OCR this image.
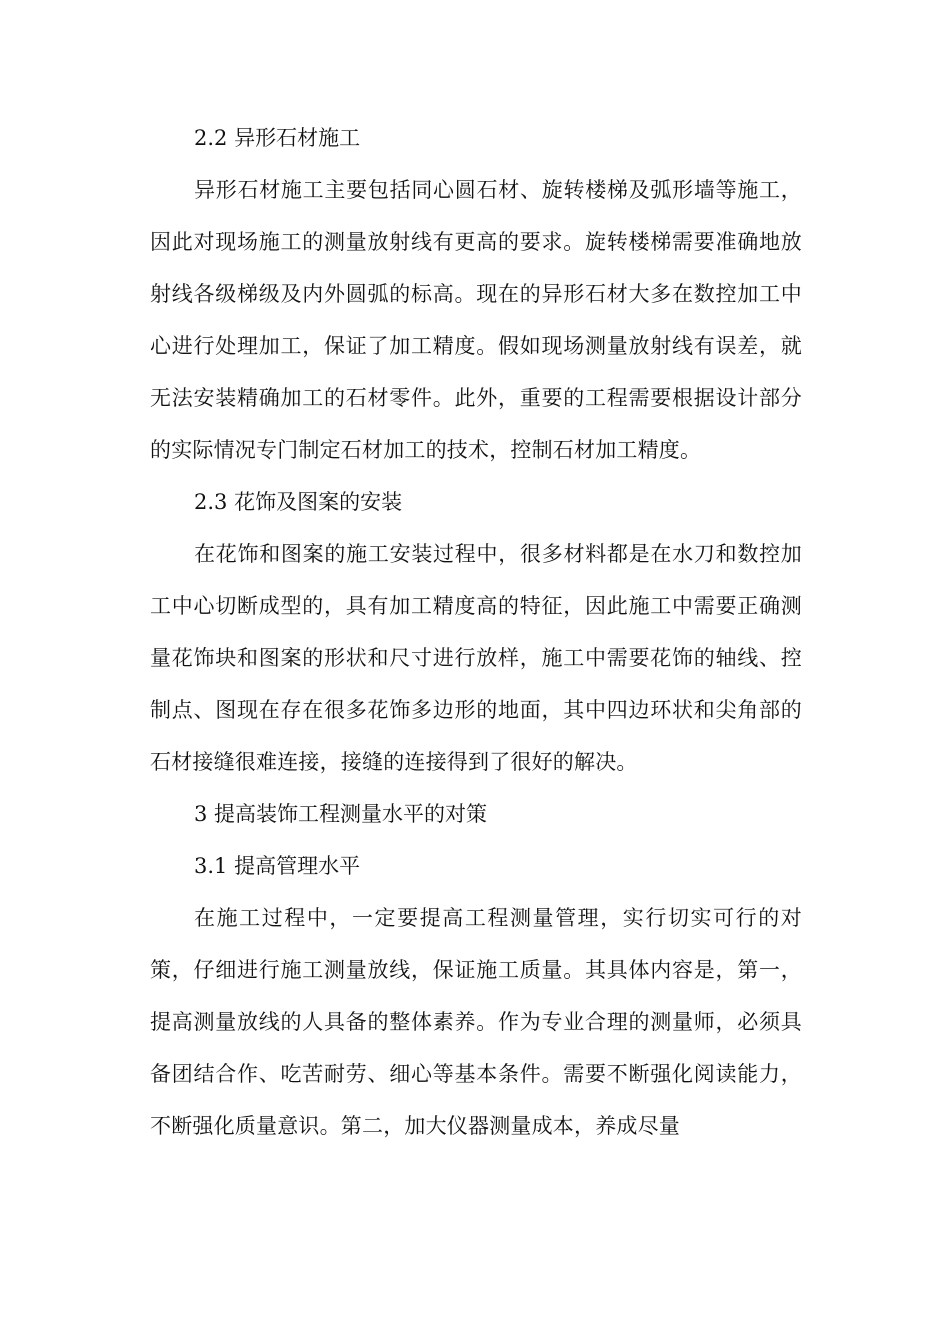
2.2 异形石材施工

异形石材施工主要包括同心圆石材、旋转楼梯及弧形墙等施工，因此对现场施工的测量放射线有更高的要求。旋转楼梯需要准确地放射线各级梯级及内外圆弧的标高。现在的异形石材大多在数控加工中心进行处理加工，保证了加工精度。假如现场测量放射线有误差，就无法安装精确加工的石材零件。此外，重要的工程需要根据设计部分的实际情况专门制定石材加工的技术，控制石材加工精度。

2.3 花饰及图案的安装

在花饰和图案的施工安装过程中，很多材料都是在水刀和数控加工中心切断成型的，具有加工精度高的特征，因此施工中需要正确测量花饰块和图案的形状和尺寸进行放样，施工中需要花饰的轴线、控制点、图现在存在很多花饰多边形的地面，其中四边环状和尖角部的石材接缝很难连接，接缝的连接得到了很好的解决。

3 提高装饰工程测量水平的对策

3.1 提高管理水平

在施工过程中，一定要提高工程测量管理，实行切实可行的对策，仔细进行施工测量放线，保证施工质量。其具体内容是，第一，提高测量放线的人具备的整体素养。作为专业合理的测量师，必须具备团结合作、吃苦耐劳、细心等基本条件。需要不断强化阅读能力，不断强化质量意识。第二，加大仪器测量成本，养成尽量
